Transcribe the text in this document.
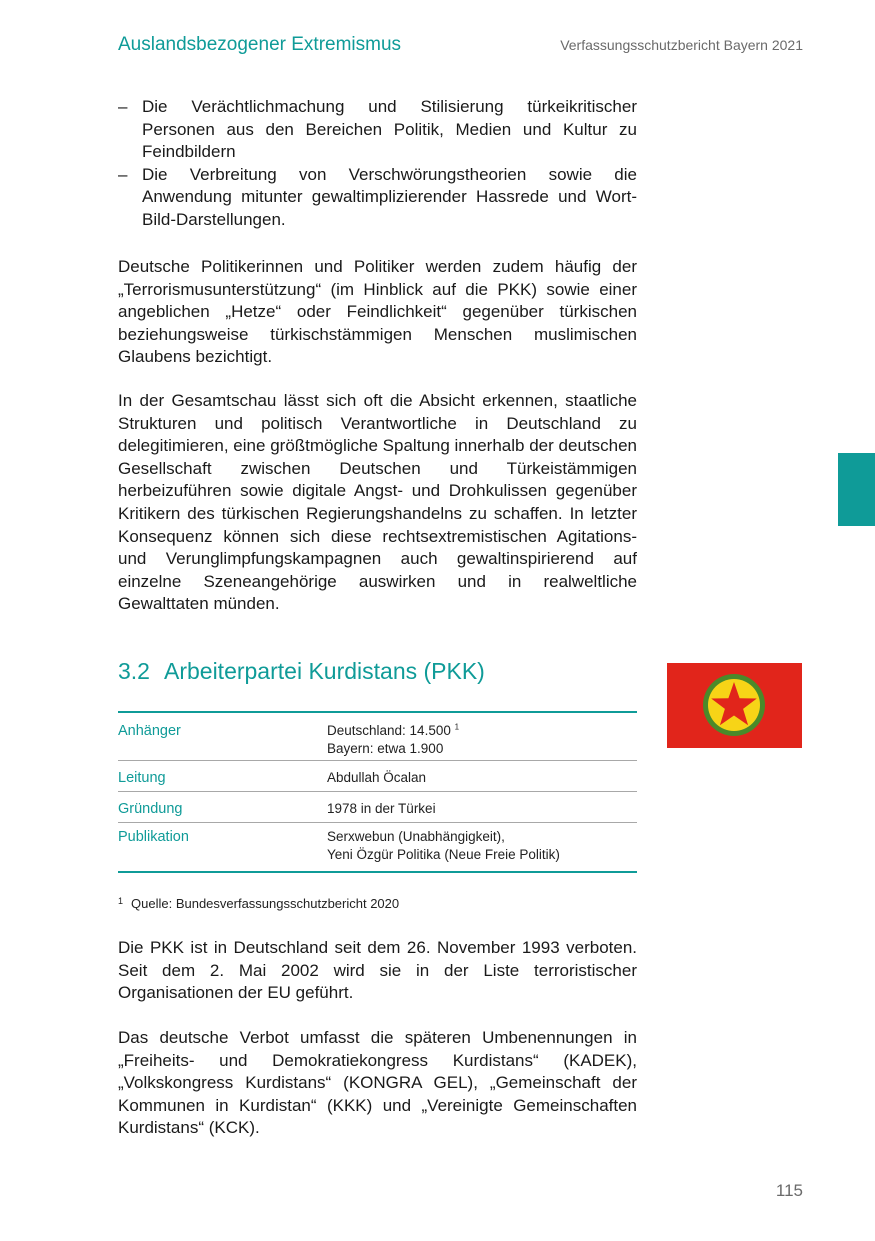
Auslandsbezogener Extremismus	Verfassungsschutzbericht Bayern 2021
– Die Verächtlichmachung und Stilisierung türkeikritischer Personen aus den Bereichen Politik, Medien und Kultur zu Feindbildern
– Die Verbreitung von Verschwörungstheorien sowie die Anwendung mitunter gewaltimplizierender Hassrede und Wort-Bild-Darstellungen.

Deutsche Politikerinnen und Politiker werden zudem häufig der „Terrorismusunterstützung“ (im Hinblick auf die PKK) sowie einer angeblichen „Hetze“ oder Feindlichkeit“ gegenüber türkischen beziehungsweise türkischstämmigen Menschen muslimischen Glaubens bezichtigt.

In der Gesamtschau lässt sich oft die Absicht erkennen, staatliche Strukturen und politisch Verantwortliche in Deutschland zu delegitimieren, eine größtmögliche Spaltung innerhalb der deutschen Gesellschaft zwischen Deutschen und Türkeistämmigen herbeizuführen sowie digitale Angst- und Drohkulissen gegenüber Kritikern des türkischen Regierungshandelns zu schaffen. In letzter Konsequenz können sich diese rechtsextremistischen Agitations- und Verunglimpfungskampagnen auch gewaltinspirierend auf einzelne Szeneangehörige auswirken und in realweltliche Gewalttaten münden.

3.2 Arbeiterpartei Kurdistans (PKK)
Anhänger	Deutschland: 14.500 $^1$
Bayern: etwa 1.900
Leitung	Abdullah Öcalan
Gründung	1978 in der Türkei
Publikation	Serxwebun (Unabhängigkeit),
Yeni Özgür Politika (Neue Freie Politik)
$^1$ Quelle: Bundesverfassungsschutzbericht 2020

Die PKK ist in Deutschland seit dem 26. November 1993 verboten. Seit dem 2. Mai 2002 wird sie in der Liste terroristischer Organisationen der EU geführt.

Das deutsche Verbot umfasst die späteren Umbenennungen in „Freiheits- und Demokratiekongress Kurdistans“ (KADEK), „Volkskongress Kurdistans“ (KONGRA GEL), „Gemeinschaft der Kommunen in Kurdistan“ (KKK) und „Vereinigte Gemeinschaften Kurdistans“ (KCK).

115
